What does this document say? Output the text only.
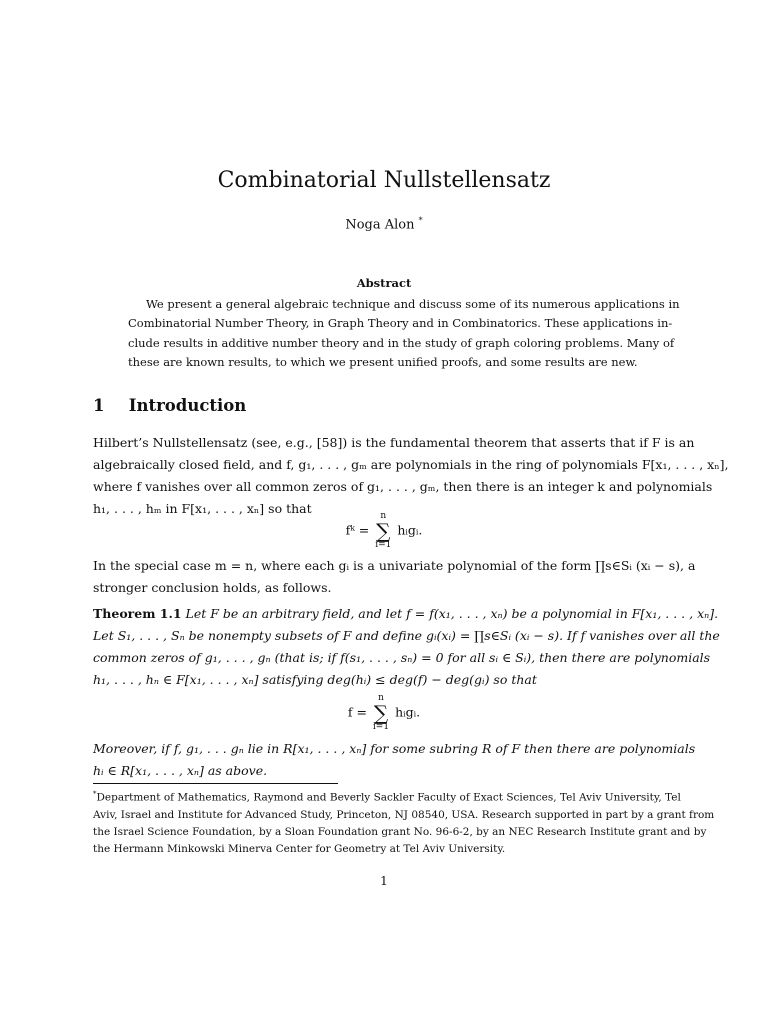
Combinatorial Nullstellensatz
Noga Alon *
Abstract
We present a general algebraic technique and discuss some of its numerous applications in
Combinatorial Number Theory, in Graph Theory and in Combinatorics. These applications in-
clude results in additive number theory and in the study of graph coloring problems. Many of
these are known results, to which we present unified proofs, and some results are new.
1 Introduction
Hilbert’s Nullstellensatz (see, e.g., [58]) is the fundamental theorem that asserts that if F is an
algebraically closed field, and f, g₁, . . . , gₘ are polynomials in the ring of polynomials F[x₁, . . . , xₙ],
where f vanishes over all common zeros of g₁, . . . , gₘ, then there is an integer k and polynomials
h₁, . . . , hₘ in F[x₁, . . . , xₙ] so that
fᵏ =
n
∑
i=1
hᵢgᵢ.
In the special case m = n, where each gᵢ is a univariate polynomial of the form ∏s∈Sᵢ (xᵢ − s), a
stronger conclusion holds, as follows.
Theorem 1.1 Let F be an arbitrary field, and let f = f(x₁, . . . , xₙ) be a polynomial in F[x₁, . . . , xₙ].
Let S₁, . . . , Sₙ be nonempty subsets of F and define gᵢ(xᵢ) = ∏s∈Sᵢ (xᵢ − s). If f vanishes over all the
common zeros of g₁, . . . , gₙ (that is; if f(s₁, . . . , sₙ) = 0 for all sᵢ ∈ Sᵢ), then there are polynomials
h₁, . . . , hₙ ∈ F[x₁, . . . , xₙ] satisfying deg(hᵢ) ≤ deg(f) − deg(gᵢ) so that
f =
n
∑
i=1
hᵢgᵢ.
Moreover, if f, g₁, . . . gₙ lie in R[x₁, . . . , xₙ] for some subring R of F then there are polynomials
hᵢ ∈ R[x₁, . . . , xₙ] as above.
*Department of Mathematics, Raymond and Beverly Sackler Faculty of Exact Sciences, Tel Aviv University, Tel
Aviv, Israel and Institute for Advanced Study, Princeton, NJ 08540, USA. Research supported in part by a grant from
the Israel Science Foundation, by a Sloan Foundation grant No. 96-6-2, by an NEC Research Institute grant and by
the Hermann Minkowski Minerva Center for Geometry at Tel Aviv University.
1
